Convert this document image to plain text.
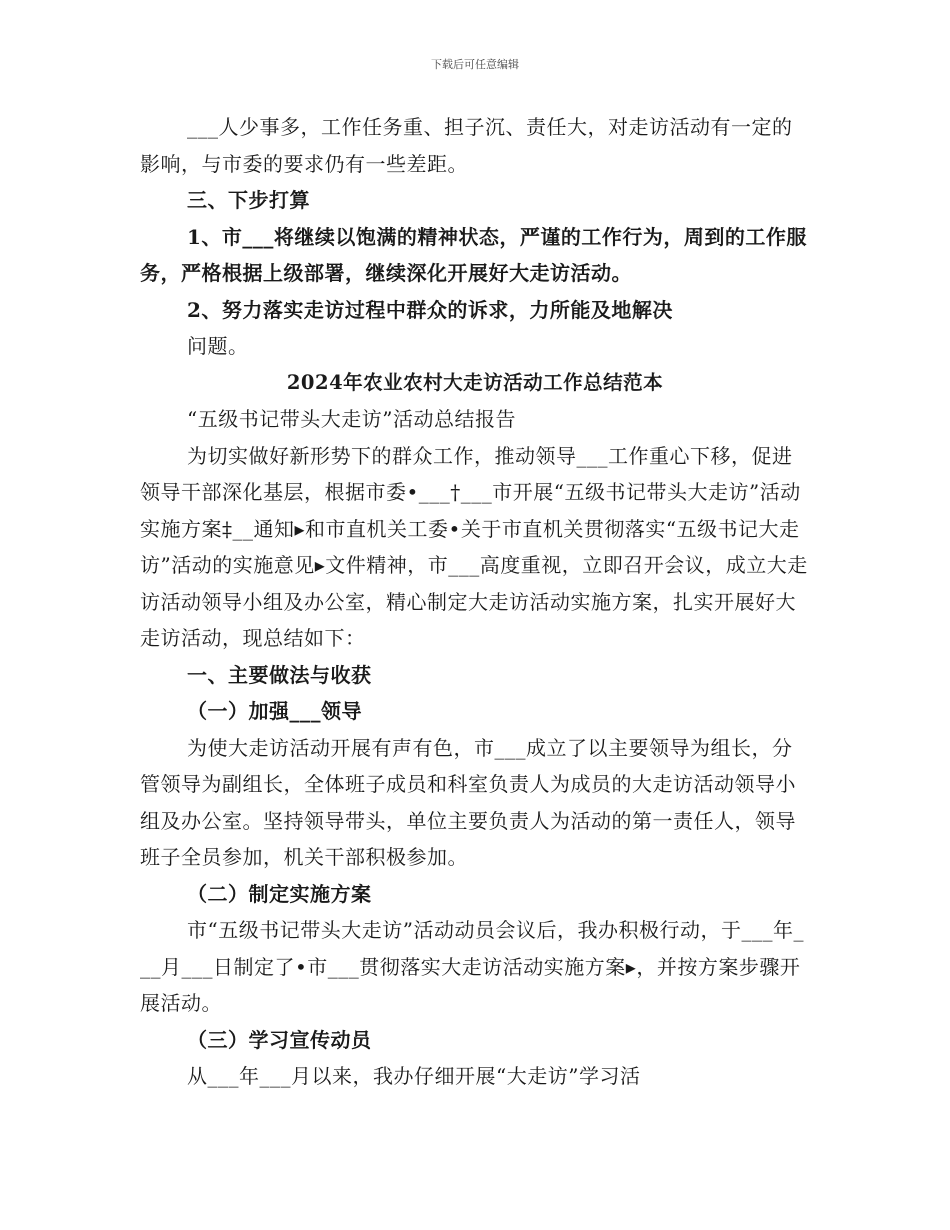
下载后可任意编辑

___人少事多，工作任务重、担子沉、责任大，对走访活动有一定的影响，与市委的要求仍有一些差距。

三、下步打算

1、市___将继续以饱满的精神状态，严谨的工作行为，周到的工作服务，严格根据上级部署，继续深化开展好大走访活动。

2、努力落实走访过程中群众的诉求，力所能及地解决

问题。

2024年农业农村大走访活动工作总结范本

“五级书记带头大走访”活动总结报告

为切实做好新形势下的群众工作，推动领导___工作重心下移，促进领导干部深化基层，根据市委•___†___市开展“五级书记带头大走访”活动实施方案‡__通知▸和市直机关工委•关于市直机关贯彻落实“五级书记大走访”活动的实施意见▸文件精神，市___高度重视，立即召开会议，成立大走访活动领导小组及办公室，精心制定大走访活动实施方案，扎实开展好大走访活动，现总结如下：

一、主要做法与收获

（一）加强___领导

为使大走访活动开展有声有色，市___成立了以主要领导为组长，分管领导为副组长，全体班子成员和科室负责人为成员的大走访活动领导小组及办公室。坚持领导带头，单位主要负责人为活动的第一责任人，领导班子全员参加，机关干部积极参加。

（二）制定实施方案

市“五级书记带头大走访”活动动员会议后，我办积极行动，于___年___月___日制定了•市___贯彻落实大走访活动实施方案▸，并按方案步骤开展活动。

（三）学习宣传动员

从___年___月以来，我办仔细开展“大走访”学习活
